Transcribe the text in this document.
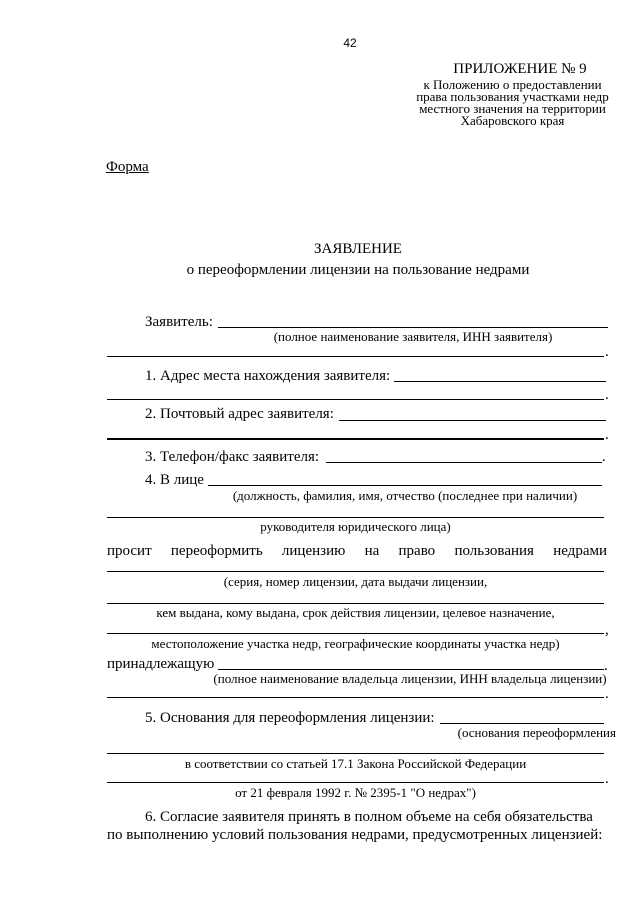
42
ПРИЛОЖЕНИЕ № 9
к Положению о предоставлении
права пользования участками недр
местного значения на территории
Хабаровского края
Форма
ЗАЯВЛЕНИЕ
о переоформлении лицензии на пользование недрами
Заявитель:
(полное наименование заявителя, ИНН заявителя)
.
1. Адрес места нахождения заявителя:
.
2. Почтовый адрес заявителя:
.
3. Телефон/факс заявителя:	.
4. В лице
(должность, фамилия, имя, отчество (последнее при наличии)
руководителя юридического лица)
просит переоформить лицензию на право пользования недрами
(серия, номер лицензии, дата выдачи лицензии,
кем выдана, кому выдана, срок действия лицензии, целевое назначение,
,
местоположение участка недр, географические координаты участка недр)
принадлежащую	.
(полное наименование владельца лицензии, ИНН владельца лицензии)
.
5. Основания для переоформления лицензии:
(основания переоформления
в соответствии со статьей 17.1 Закона Российской Федерации
.
от 21 февраля 1992 г. № 2395-1 "О недрах")
6. Согласие заявителя принять в полном объеме на себя обязательства
по выполнению условий пользования недрами, предусмотренных лицензией:
